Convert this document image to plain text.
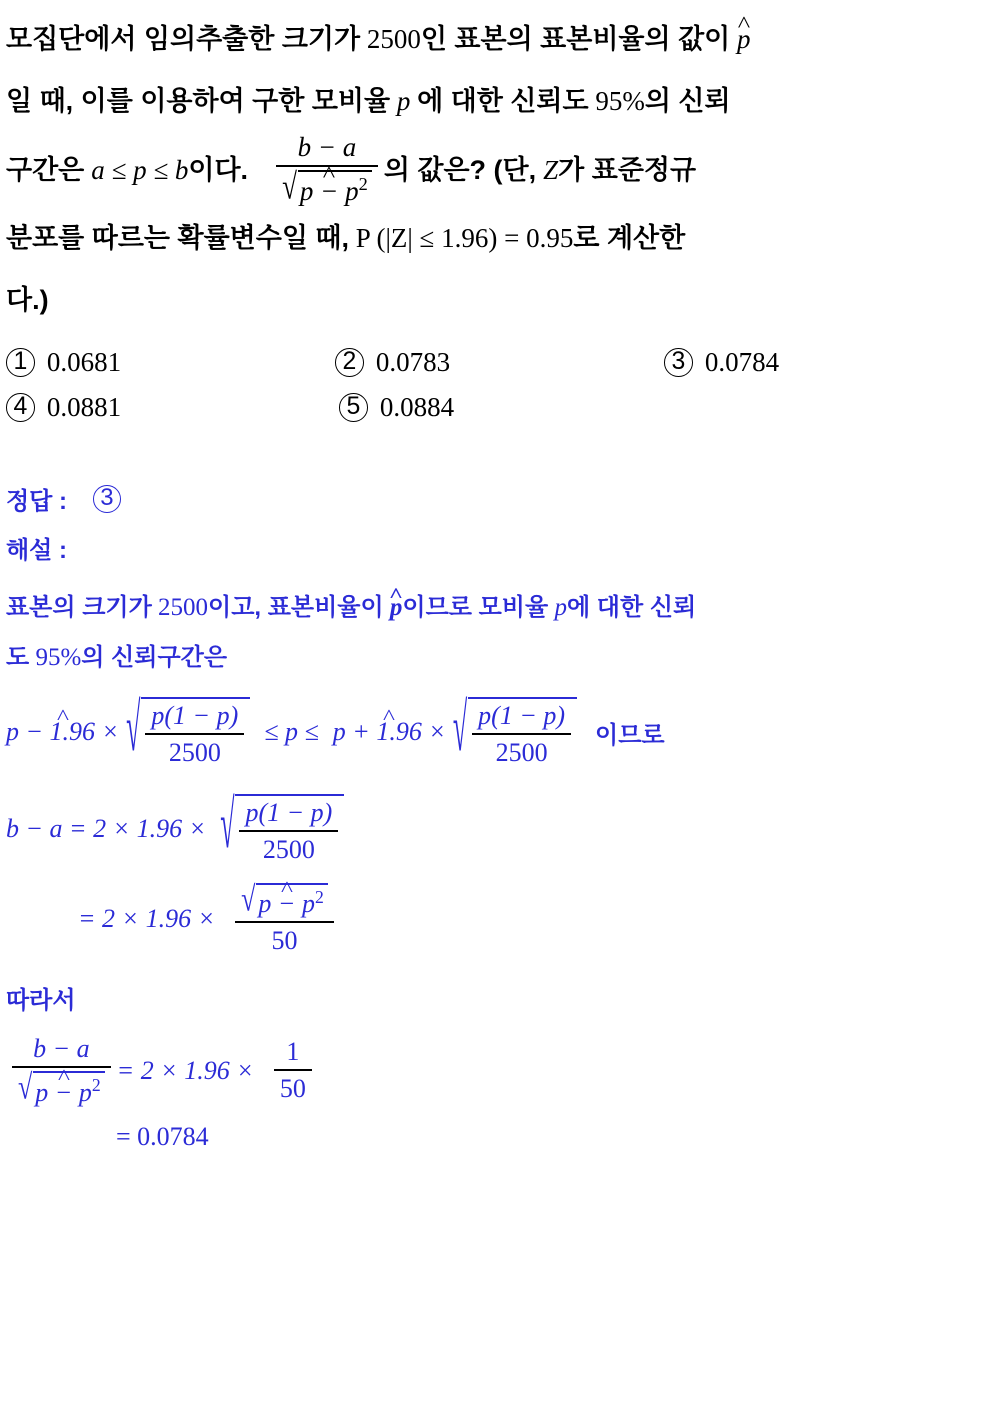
모집단에서 임의추출한 크기가 2500인 표본의 표본비율의 값이 ^ p
일 때, 이를 이용하여 구한 모비율 p 에 대한 신뢰도 95%의 신뢰
구간은 a ≤ p ≤ b 이다. $\frac{b - a}{√ \^{} p - p^2}$ 의 값은? (단, Z 가 표준정규
분포를 따르는 확률변수일 때, P (|Z| ≤ 1.96) = 0.95로 계산한
다.)
1 0.0681	2 0.0783	3 0.0784
4 0.0881	5 0.0884
정답 :	3
해설 :
표본의 크기가 2500이고, 표본비율이 ^ p이므로 모비율 p에 대한 신뢰
도 95%의 신뢰구간은
^ p − 1.96 × √ $\frac{p(1 - p)}{2500} \le p$ ≤ ^ p + 1.96 × √ $\frac{p(1 - p)}{2500}$ 이므로
b − a = 2 × 1.96 × √ $\frac{p(1 - p)}{2500}$
= $2 \times 1.96 \times \frac{√ \^{} p - p^2}{50}$
따라서
$\frac{b - a}{√ \^{} p - p^2} = 2 \times 1.96 \times \frac{1}{50}$
= 0.0784
